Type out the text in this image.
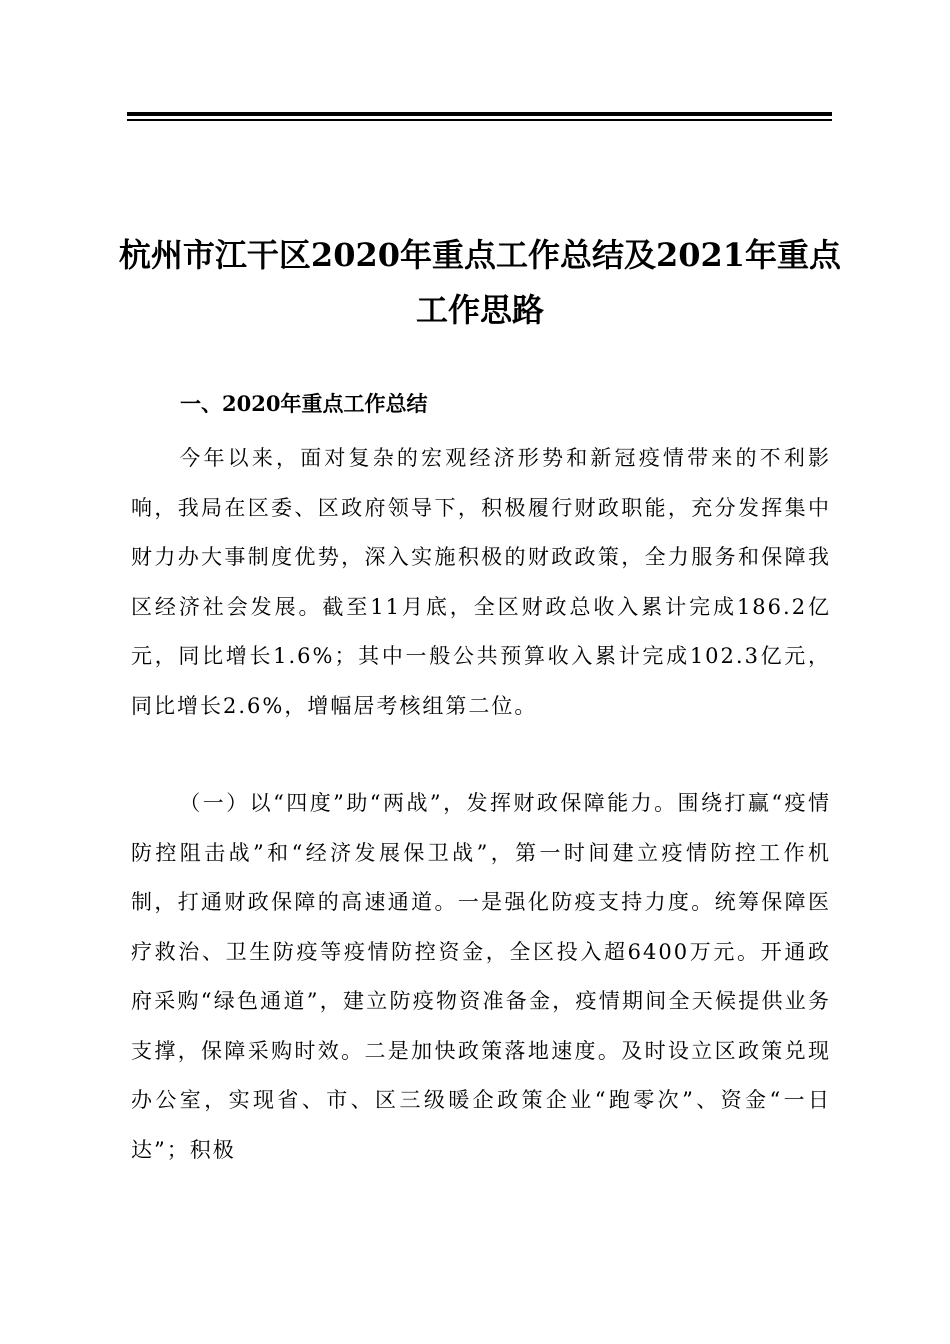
杭州市江干区2020年重点工作总结及2021年重点工作思路
一、2020年重点工作总结

今年以来，面对复杂的宏观经济形势和新冠疫情带来的不利影响，我局在区委、区政府领导下，积极履行财政职能，充分发挥集中财力办大事制度优势，深入实施积极的财政政策，全力服务和保障我区经济社会发展。截至11月底，全区财政总收入累计完成186.2亿元，同比增长1.6%；其中一般公共预算收入累计完成102.3亿元，同比增长2.6%，增幅居考核组第二位。

（一）以“四度”助“两战”，发挥财政保障能力。围绕打赢“疫情防控阻击战”和“经济发展保卫战”，第一时间建立疫情防控工作机制，打通财政保障的高速通道。一是强化防疫支持力度。统筹保障医疗救治、卫生防疫等疫情防控资金，全区投入超6400万元。开通政府采购“绿色通道”，建立防疫物资准备金，疫情期间全天候提供业务支撑，保障采购时效。二是加快政策落地速度。及时设立区政策兑现办公室，实现省、市、区三级暖企政策企业“跑零次”、资金“一日达”；积极
